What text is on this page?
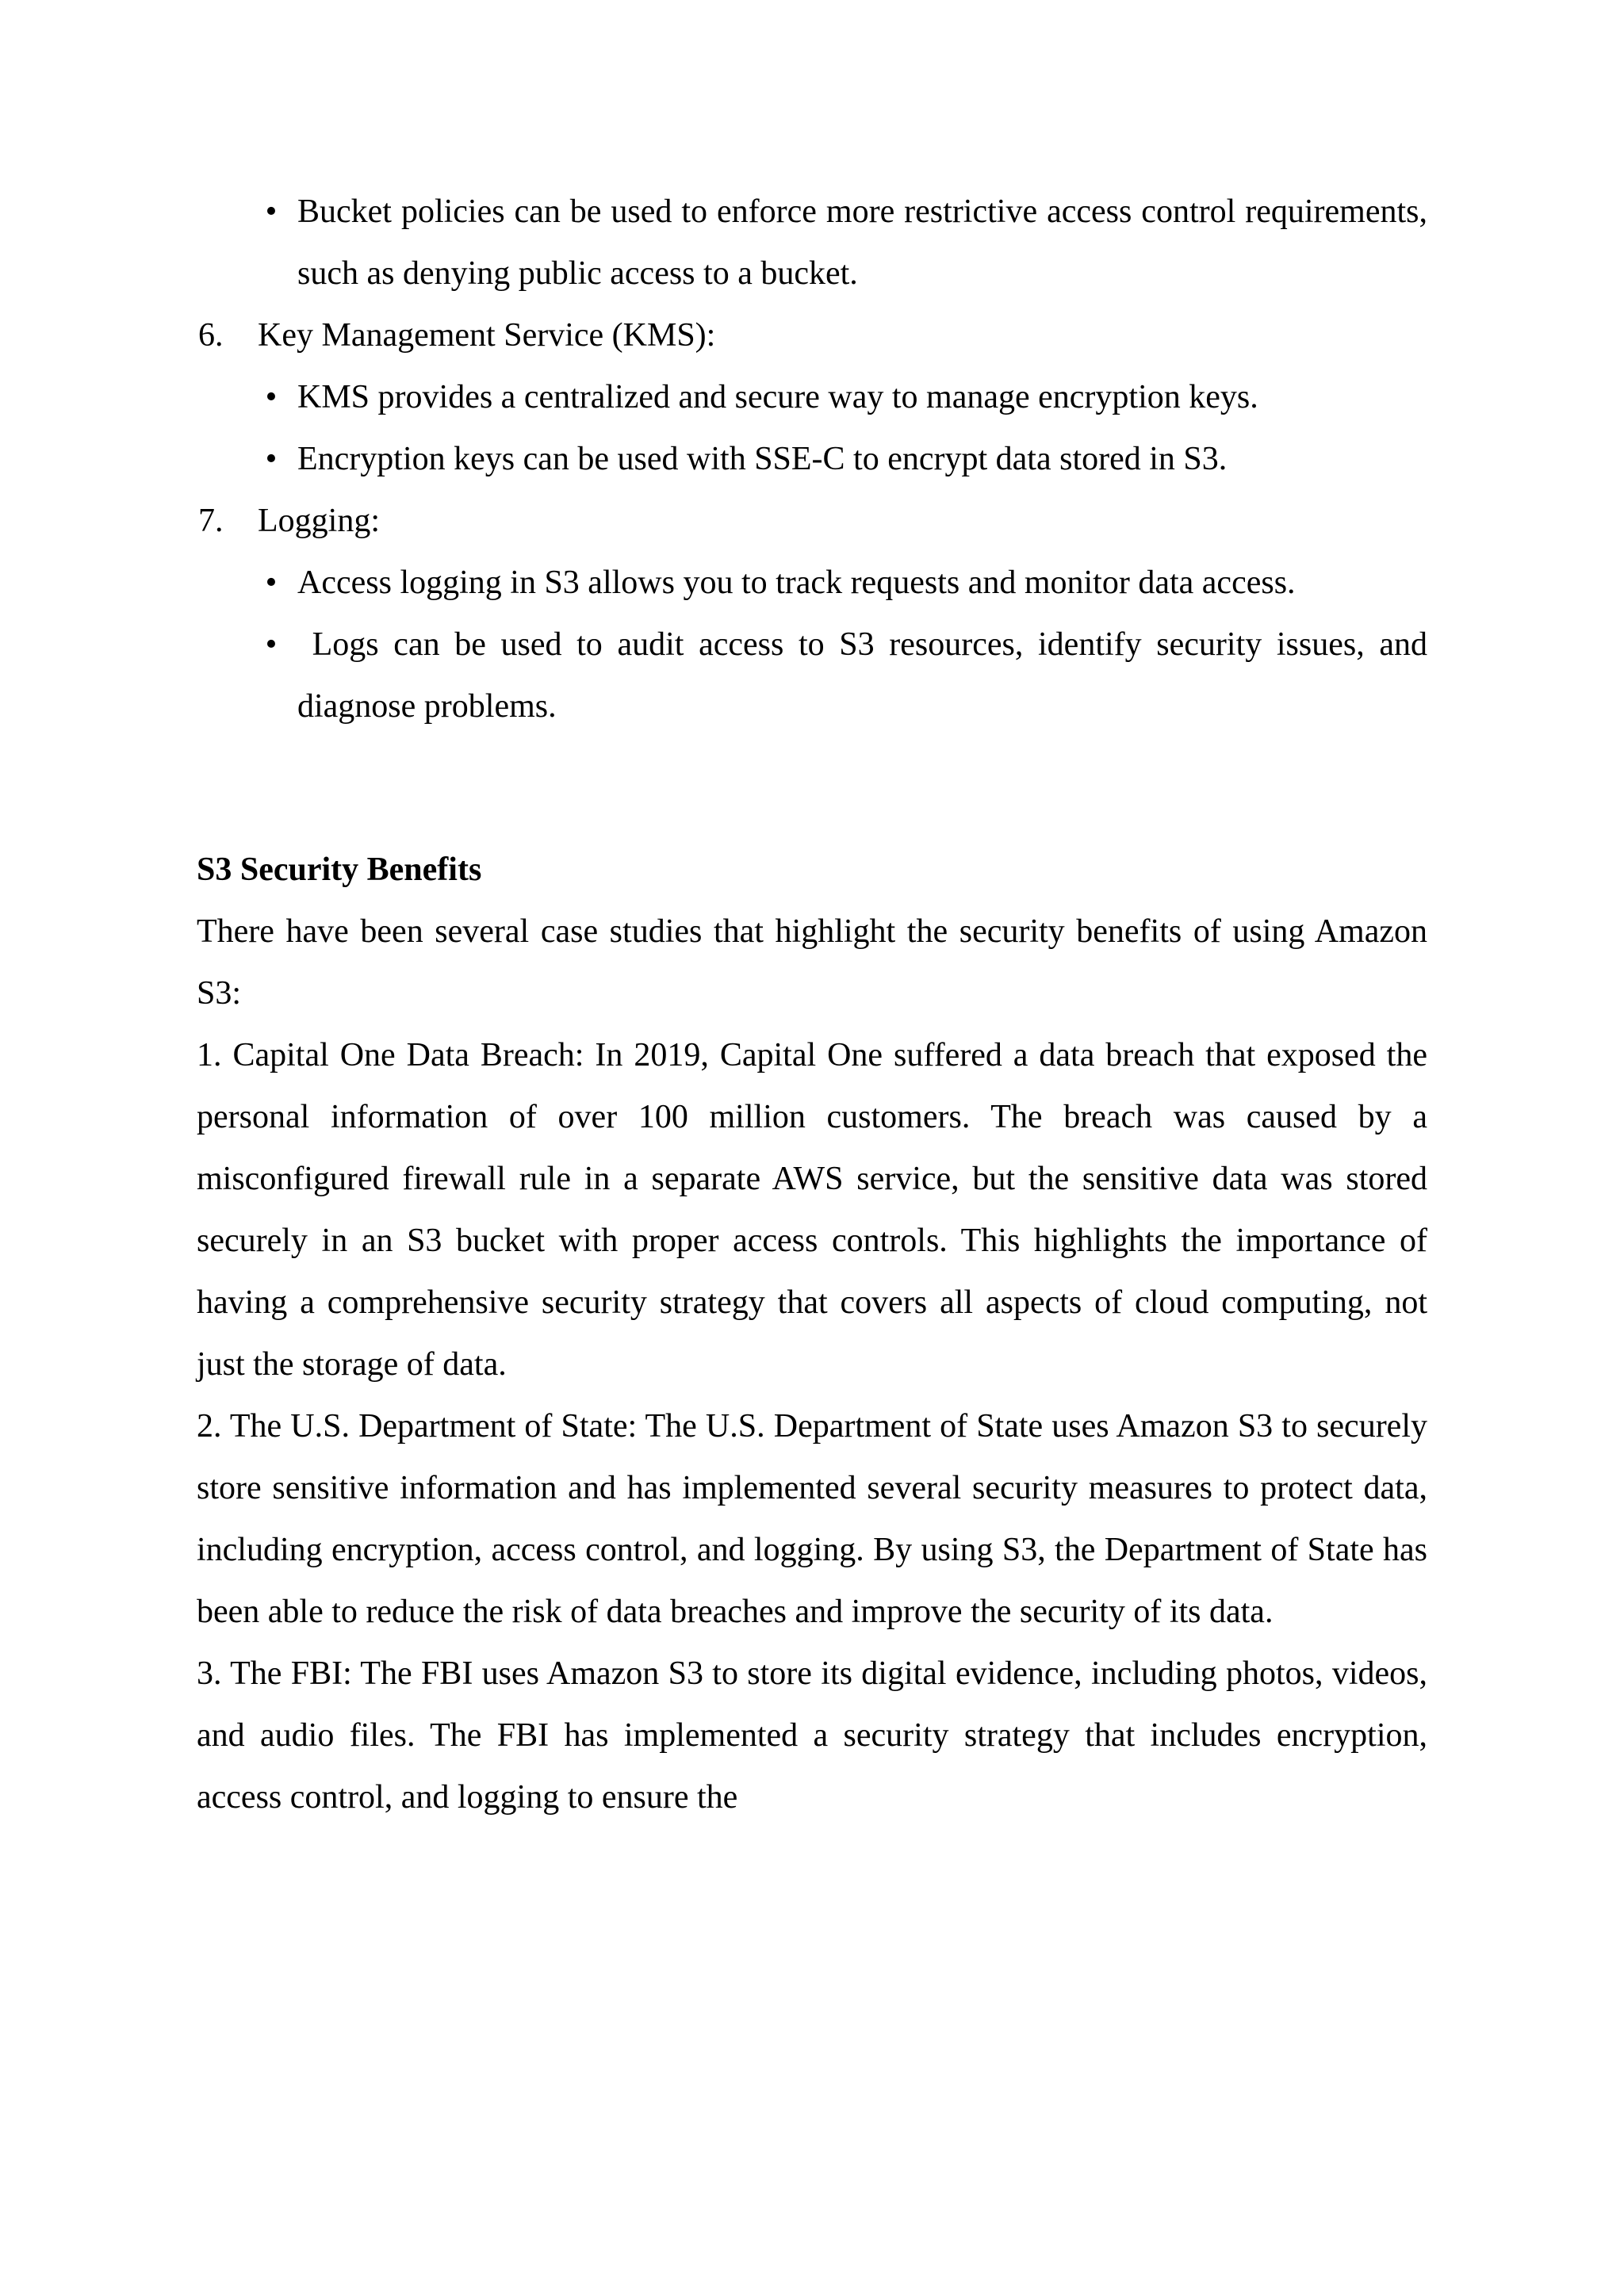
• Bucket policies can be used to enforce more restrictive access control requirements, such as denying public access to a bucket.
6.	Key Management Service (KMS):
• KMS provides a centralized and secure way to manage encryption keys.
• Encryption keys can be used with SSE-C to encrypt data stored in S3.
7.	Logging:
• Access logging in S3 allows you to track requests and monitor data access.
• Logs can be used to audit access to S3 resources, identify security issues, and diagnose problems.
S3 Security Benefits

There have been several case studies that highlight the security benefits of using Amazon S3:

1. Capital One Data Breach: In 2019, Capital One suffered a data breach that exposed the personal information of over 100 million customers. The breach was caused by a misconfigured firewall rule in a separate AWS service, but the sensitive data was stored securely in an S3 bucket with proper access controls. This highlights the importance of having a comprehensive security strategy that covers all aspects of cloud computing, not just the storage of data.

2. The U.S. Department of State: The U.S. Department of State uses Amazon S3 to securely store sensitive information and has implemented several security measures to protect data, including encryption, access control, and logging. By using S3, the Department of State has been able to reduce the risk of data breaches and improve the security of its data.

3. The FBI: The FBI uses Amazon S3 to store its digital evidence, including photos, videos, and audio files. The FBI has implemented a security strategy that includes encryption, access control, and logging to ensure the
